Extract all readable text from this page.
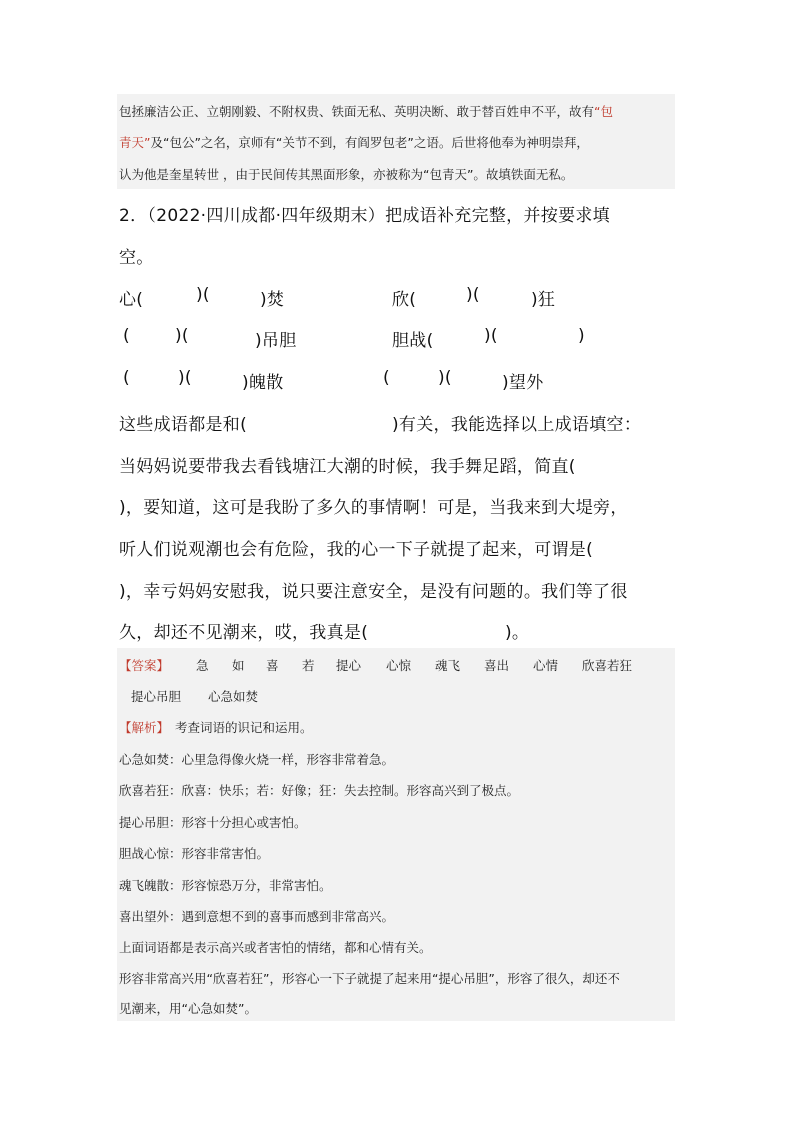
包拯廉洁公正、立朝刚毅、不附权贵、铁面无私、英明决断、敢于替百姓申不平，故有“包
青天”及“包公”之名，京师有“关节不到，有阎罗包老”之语。后世将他奉为神明崇拜，
认为他是奎星转世 ，由于民间传其黑面形象，亦被称为“包青天”。故填铁面无私。
2．（2022·四川成都·四年级期末）把成语补充完整，并按要求填
空。
心(	)(	)焚	欣(	)(	)狂
(	)(	)吊胆	胆战(	)(	)
(	)(	)魄散	(	)(	)望外
这些成语都是和(	)有关，我能选择以上成语填空：
当妈妈说要带我去看钱塘江大潮的时候，我手舞足蹈，简直(
)，要知道，这可是我盼了多久的事情啊！可是，当我来到大堤旁，
听人们说观潮也会有危险，我的心一下子就提了起来，可谓是(
)，幸亏妈妈安慰我，说只要注意安全，是没有问题的。我们等了很
久，却还不见潮来，哎，我真是(	)。
【答案】 急 如 喜 若 提心 心惊 魂飞 喜出 心情 欣喜若狂
提心吊胆 心急如焚
【解析】 考查词语的识记和运用。
心急如焚：心里急得像火烧一样，形容非常着急。
欣喜若狂：欣喜：快乐；若：好像；狂：失去控制。形容高兴到了极点。
提心吊胆：形容十分担心或害怕。
胆战心惊：形容非常害怕。
魂飞魄散：形容惊恐万分，非常害怕。
喜出望外：遇到意想不到的喜事而感到非常高兴。
上面词语都是表示高兴或者害怕的情绪，都和心情有关。
形容非常高兴用“欣喜若狂”，形容心一下子就提了起来用“提心吊胆”，形容了很久，却还不
见潮来，用“心急如焚”。
